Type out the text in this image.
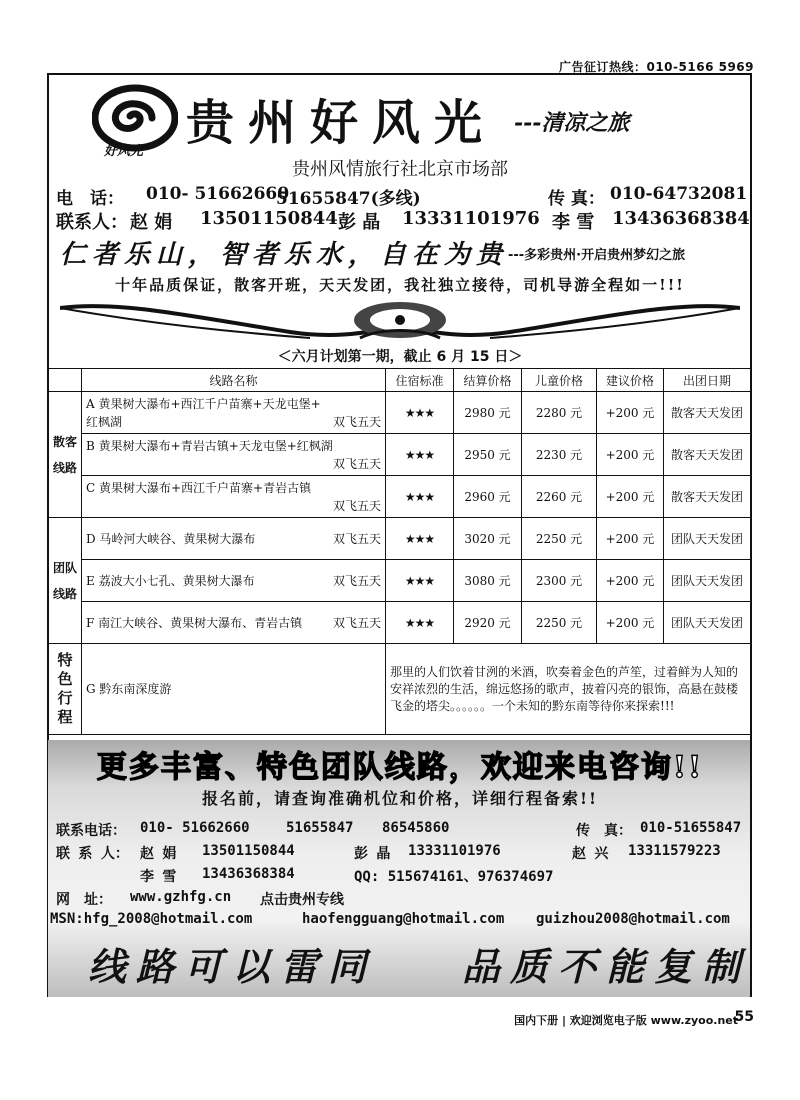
广告征订热线：010-5166 5969
好风光
贵州好风光 ---清凉之旅
贵州风情旅行社北京市场部
电　话： 010- 51662660
51655847(多线)	传 真： 010-64732081
联系人： 赵 娟 13501150844 彭 晶 13331101976 李 雪 13436368384
仁者乐山，智者乐水，自在为贵 ---多彩贵州·开启贵州梦幻之旅
十年品质保证，散客开班，天天发团，我社独立接待，司机导游全程如一!!!
＜六月计划第一期，截止 6 月 15 日＞
	线路名称	住宿标准	结算价格	儿童价格	建议价格	出团日期
散客线路	A 黄果树大瀑布+西江千户苗寨+天龙屯堡+
红枫湖 双飞五天	★★★	2980 元	2280 元	+200 元	散客天天发团

	B 黄果树大瀑布+青岩古镇+天龙屯堡+红枫湖
双飞五天	★★★	2950 元	2230 元	+200 元	散客天天发团

	C 黄果树大瀑布+西江千户苗寨+青岩古镇
双飞五天	★★★	2960 元	2260 元	+200 元	散客天天发团
团队线路	D 马岭河大峡谷、黄果树大瀑布 双飞五天	★★★	3020 元	2250 元	+200 元	团队天天发团
	E 荔波大小七孔、黄果树大瀑布 双飞五天	★★★	3080 元	2300 元	+200 元	团队天天发团
	F 南江大峡谷、黄果树大瀑布、青岩古镇 双飞五天	★★★	2920 元	2250 元	+200 元	团队天天发团
特色行程	G 黔东南深度游	那里的人们饮着甘洌的米酒，吹奏着金色的芦笙，过着鲜为人知的安祥浓烈的生活，绵远悠扬的歌声，披着闪亮的银饰，高悬在鼓楼飞金的塔尖。。。。。。一个未知的黔东南等待你来探索!!!				
更多丰富、特色团队线路，欢迎来电咨询!!
报名前，请查询准确机位和价格，详细行程备索!!
联系电话： 010- 51662660	51655847 86545860	传　真： 010-51655847
联 系 人： 赵 娟 13501150844	彭 晶 13331101976	赵 兴 13311579223
李 雪 13436368384	QQ: 515674161、976374697
网　址： www.gzhfg.cn 点击贵州专线
MSN:hfg_2008@hotmail.com	haofengguang@hotmail.com guizhou2008@hotmail.com
线路可以雷同 品质不能复制
国内下册 | 欢迎浏览电子版 www.zyoo.net
55
